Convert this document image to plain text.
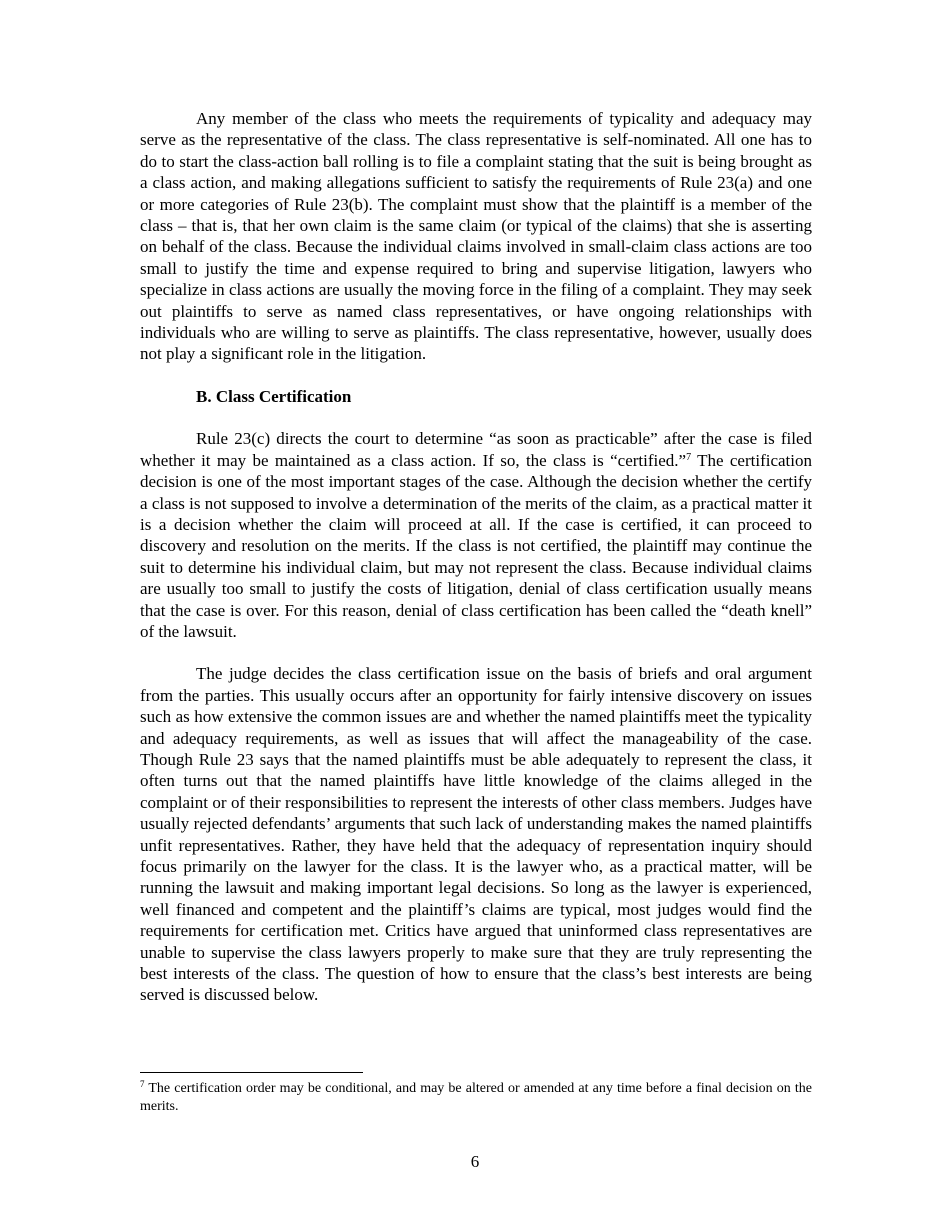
Any member of the class who meets the requirements of typicality and adequacy may serve as the representative of the class. The class representative is self-nominated. All one has to do to start the class-action ball rolling is to file a complaint stating that the suit is being brought as a class action, and making allegations sufficient to satisfy the requirements of Rule 23(a) and one or more categories of Rule 23(b). The complaint must show that the plaintiff is a member of the class – that is, that her own claim is the same claim (or typical of the claims) that she is asserting on behalf of the class. Because the individual claims involved in small-claim class actions are too small to justify the time and expense required to bring and supervise litigation, lawyers who specialize in class actions are usually the moving force in the filing of a complaint. They may seek out plaintiffs to serve as named class representatives, or have ongoing relationships with individuals who are willing to serve as plaintiffs. The class representative, however, usually does not play a significant role in the litigation.

B. Class Certification

Rule 23(c) directs the court to determine “as soon as practicable” after the case is filed whether it may be maintained as a class action. If so, the class is “certified.”$^7$ The certification decision is one of the most important stages of the case. Although the decision whether the certify a class is not supposed to involve a determination of the merits of the claim, as a practical matter it is a decision whether the claim will proceed at all. If the case is certified, it can proceed to discovery and resolution on the merits. If the class is not certified, the plaintiff may continue the suit to determine his individual claim, but may not represent the class. Because individual claims are usually too small to justify the costs of litigation, denial of class certification usually means that the case is over. For this reason, denial of class certification has been called the “death knell” of the lawsuit.

The judge decides the class certification issue on the basis of briefs and oral argument from the parties. This usually occurs after an opportunity for fairly intensive discovery on issues such as how extensive the common issues are and whether the named plaintiffs meet the typicality and adequacy requirements, as well as issues that will affect the manageability of the case. Though Rule 23 says that the named plaintiffs must be able adequately to represent the class, it often turns out that the named plaintiffs have little knowledge of the claims alleged in the complaint or of their responsibilities to represent the interests of other class members. Judges have usually rejected defendants’ arguments that such lack of understanding makes the named plaintiffs unfit representatives. Rather, they have held that the adequacy of representation inquiry should focus primarily on the lawyer for the class. It is the lawyer who, as a practical matter, will be running the lawsuit and making important legal decisions. So long as the lawyer is experienced, well financed and competent and the plaintiff’s claims are typical, most judges would find the requirements for certification met. Critics have argued that uninformed class representatives are unable to supervise the class lawyers properly to make sure that they are truly representing the best interests of the class. The question of how to ensure that the class’s best interests are being served is discussed below.

$^7$ The certification order may be conditional, and may be altered or amended at any time before a final decision on the merits.
6
